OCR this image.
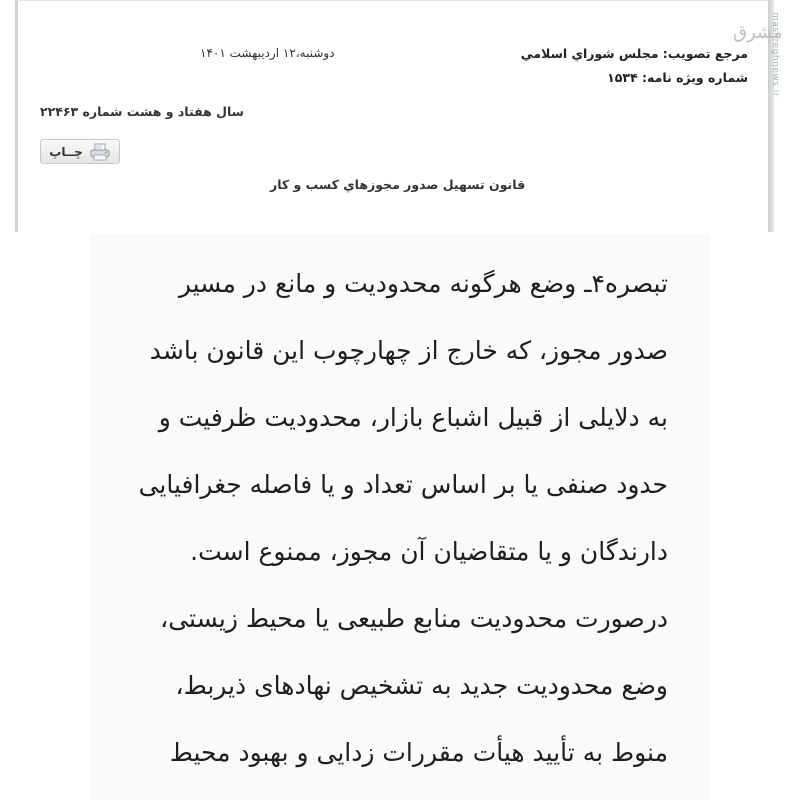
mashreghnews.ir
مشرق
مرجع تصویب: مجلس شوراي اسلامي
شماره ویژه نامه: ۱۵۳۴
دوشنبه،۱۲ اردیبهشت ۱۴۰۱
سال هفتاد و هشت شماره ۲۲۴۶۳
چــاپ
قانون تسهیل صدور مجوزهاي کسب و کار
تبصره۴ـ وضع هرگونه محدودیت و مانع در مسیر
صدور مجوز، که خارج از چهارچوب این قانون باشد
به دلایلی از قبیل اشباع بازار، محدودیت ظرفیت و
حدود صنفی یا بر اساس تعداد و یا فاصله جغرافیایی
دارندگان و یا متقاضیان آن مجوز، ممنوع است.
درصورت محدودیت منابع طبیعی یا محیط زیستی،
وضع محدودیت جدید به تشخیص نهادهای ذیربط،
منوط به تأیید هیأت مقررات زدایی و بهبود محیط
